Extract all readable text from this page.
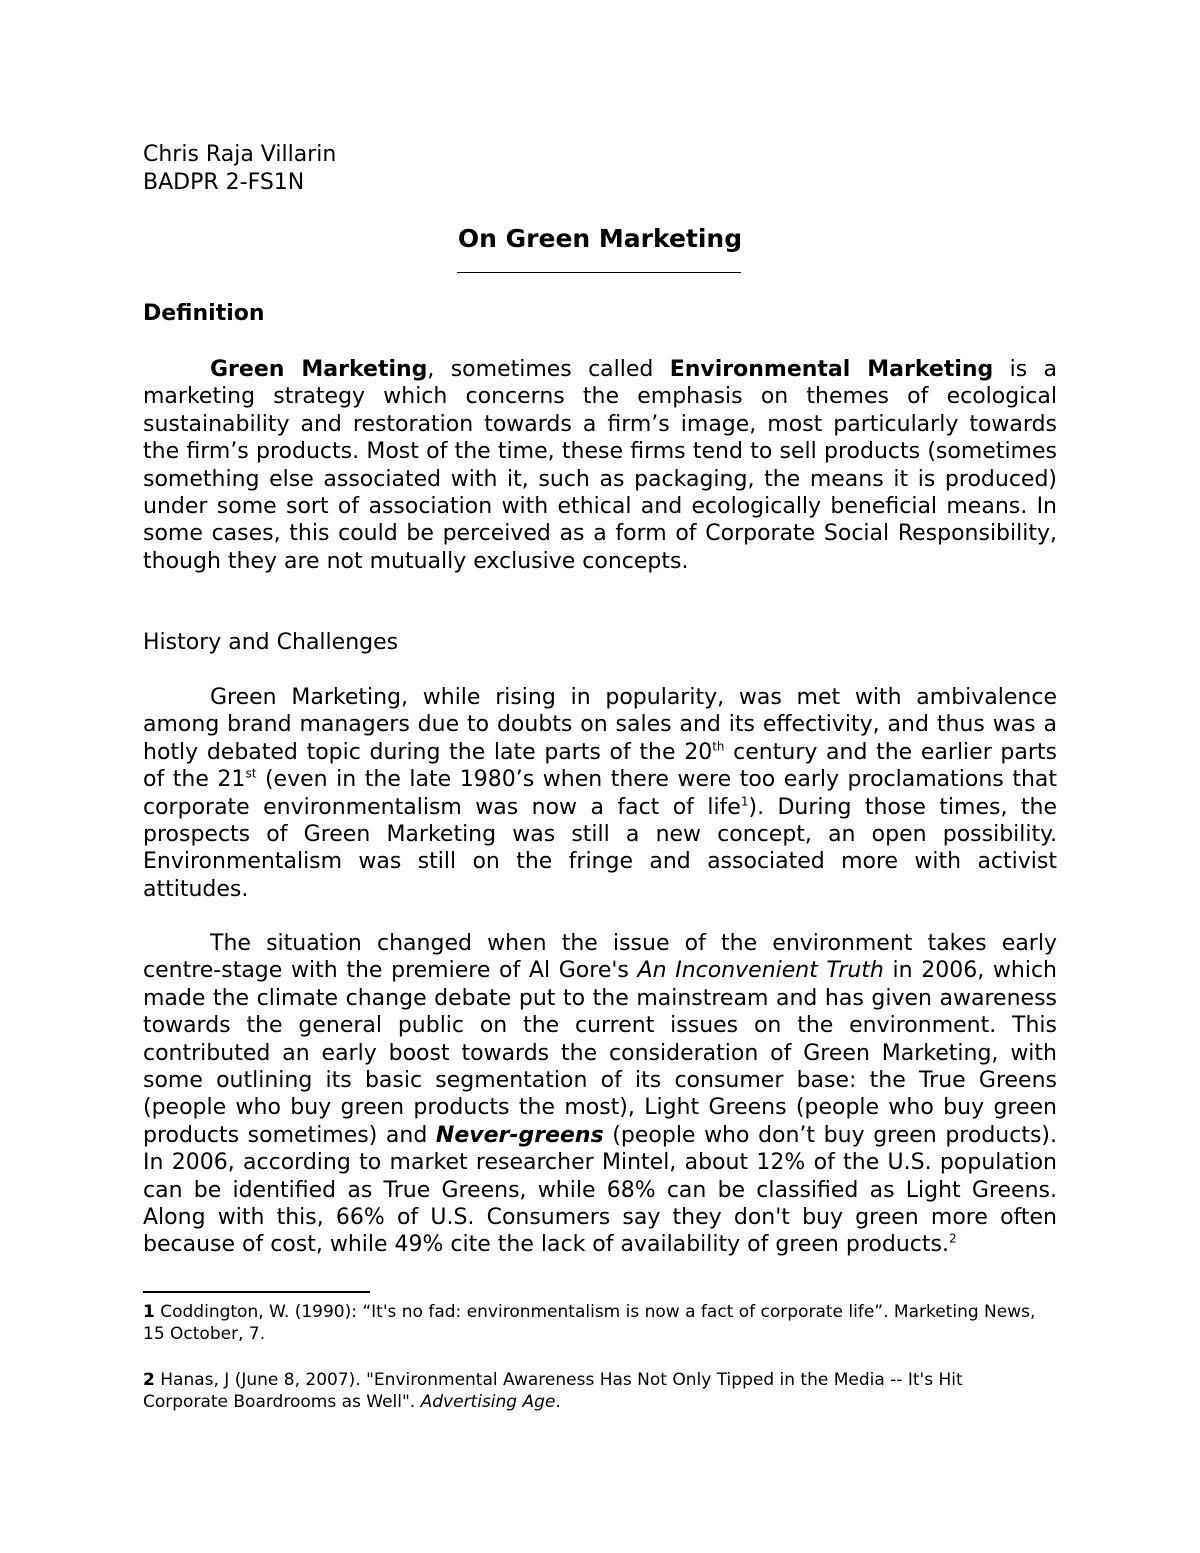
Chris Raja Villarin
BADPR 2-FS1N
On Green Marketing
Definition

Green Marketing, sometimes called Environmental Marketing is a marketing strategy which concerns the emphasis on themes of ecological sustainability and restoration towards a firm’s image, most particularly towards the firm’s products. Most of the time, these firms tend to sell products (sometimes something else associated with it, such as packaging, the means it is produced) under some sort of association with ethical and ecologically beneficial means. In some cases, this could be perceived as a form of Corporate Social Responsibility, though they are not mutually exclusive concepts.

History and Challenges

Green Marketing, while rising in popularity, was met with ambivalence among brand managers due to doubts on sales and its effectivity, and thus was a hotly debated topic during the late parts of the 20th century and the earlier parts of the 21st (even in the late 1980’s when there were too early proclamations that corporate environmentalism was now a fact of life$^1$). During those times, the prospects of Green Marketing was still a new concept, an open possibility. Environmentalism was still on the fringe and associated more with activist attitudes.

The situation changed when the issue of the environment takes early centre-stage with the premiere of Al Gore's An Inconvenient Truth in 2006, which made the climate change debate put to the mainstream and has given awareness towards the general public on the current issues on the environment. This contributed an early boost towards the consideration of Green Marketing, with some outlining its basic segmentation of its consumer base: the True Greens (people who buy green products the most), Light Greens (people who buy green products sometimes) and Never-greens (people who don’t buy green products). In 2006, according to market researcher Mintel, about 12% of the U.S. population can be identified as True Greens, while 68% can be classified as Light Greens. Along with this, 66% of U.S. Consumers say they don't buy green more often because of cost, while 49% cite the lack of availability of green products.$^2$

1 Coddington, W. (1990): “It's no fad: environmentalism is now a fact of corporate life”. Marketing News, 15 October, 7.

2 Hanas, J (June 8, 2007). "Environmental Awareness Has Not Only Tipped in the Media -- It's Hit Corporate Boardrooms as Well". Advertising Age.
